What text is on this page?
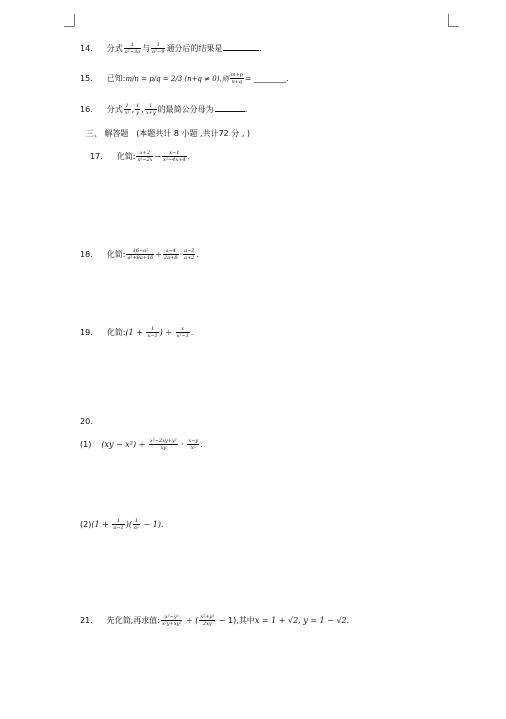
14. 分式 $\frac{1}{\text{a²−3a}}$ 与 $\frac{1}{\text{a²−9}}$ 通分后的结果是	.
15. 已知:m/n = p/q = 2/3 (n+q ≠ 0),则 $\frac{m+p}{n+q}$ = ________.
16. 分式 $\frac{1}{\text{x²}}$ , $\frac{1}{y}$ , $\frac{1}{x+y}$ 的最简公分母为	.
三、 解答题 (本题共计 8 小题 ,共计72 分 , )
17. 化简: $\frac{x+2}{\text{x²−2x}} - \frac{x-1}{\text{x²−4x+4}}$ .
18. 化简: $\frac{\text{16−a²}}{\text{a²+8a+16}} \div \frac{a-4}{2a+8} \cdot \frac{a-2}{a+2}$ .
19. 化简:(1 + $\frac{1}{x-1}$ ) ÷ $\frac{x}{\text{x²−1}}$ .
20.
(1) $(xy - x^2) \div \frac{\text{x²−2xy+y²}}{xy} \cdot \frac{x-y}{\text{x²}}$ .
$(2)(1 + \frac{1}{a-1}$ )( $\frac{1}{\text{a²}} - 1$).
21. 先化简,再求值: $\frac{\text{x²−y²}}{\text{x²y+xy²}}$ ÷ ( $\frac{\text{x²+y²}}{2xy} - 1$),其中x = 1 + √2, y = 1 − √2.
